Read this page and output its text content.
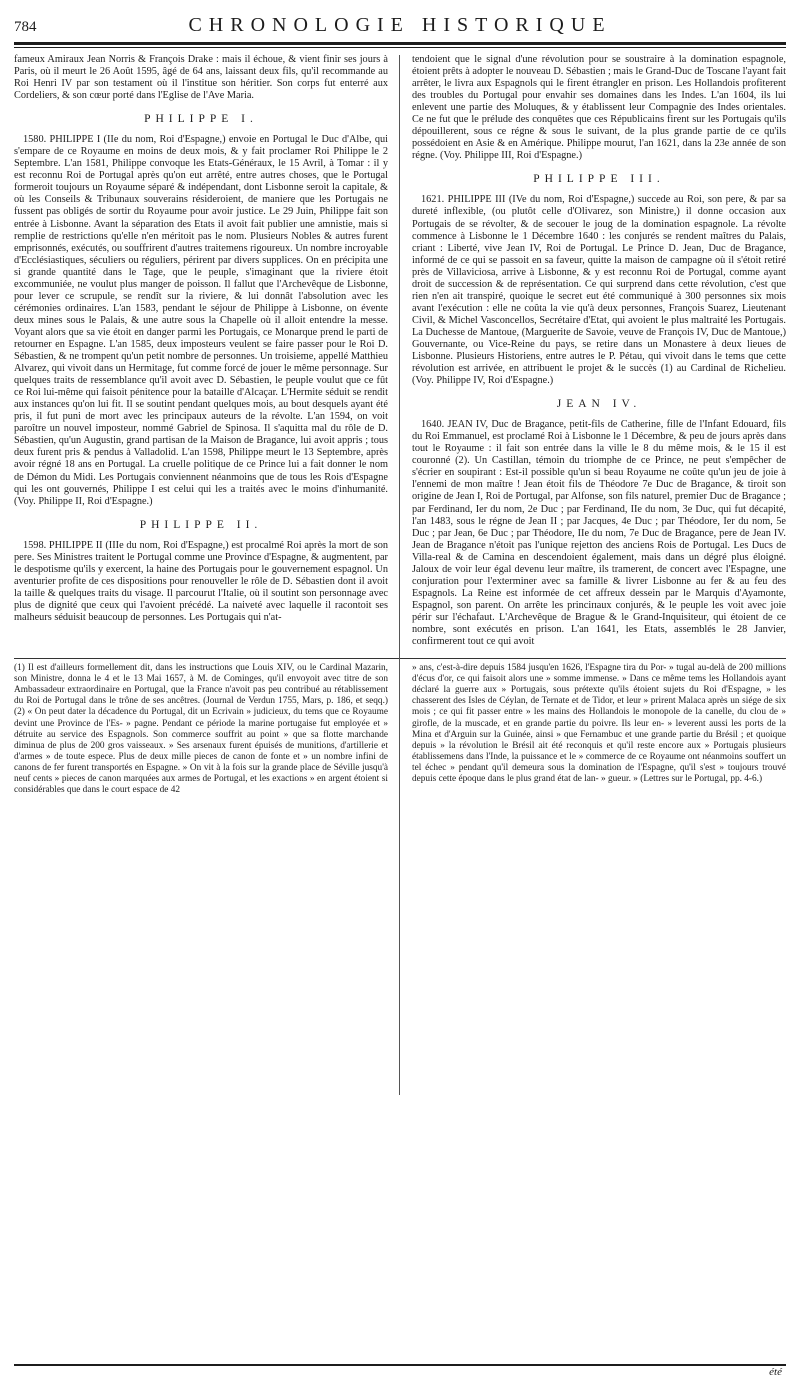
784	CHRONOLOGIE HISTORIQUE

fameux Amiraux Jean Norris & François Drake : mais il échoue, & vient finir ses jours à Paris, où il meurt le 26 Août 1595, âgé de 64 ans, laissant deux fils, qu'il recommande au Roi Henri IV par son testament où il l'institue son héritier. Son corps fut enterré aux Cordeliers, & son cœur porté dans l'Eglise de l'Ave Maria.

PHILIPPE I.

1580. PHILIPPE I (IIe du nom, Roi d'Espagne,) envoie en Portugal le Duc d'Albe, qui s'empare de ce Royaume en moins de deux mois, & y fait proclamer Roi Philippe le 2 Septembre. L'an 1581, Philippe convoque les Etats-Généraux, le 15 Avril, à Tomar : il y est reconnu Roi de Portugal après qu'on eut arrêté, entre autres choses, que le Portugal formeroit toujours un Royaume séparé & indépendant, dont Lisbonne seroit la capitale, & où les Conseils & Tribunaux souverains résideroient, de maniere que les Portugais ne fussent pas obligés de sortir du Royaume pour avoir justice. Le 29 Juin, Philippe fait son entrée à Lisbonne. Avant la séparation des Etats il avoit fait publier une amnistie, mais si remplie de restrictions qu'elle n'en méritoit pas le nom. Plusieurs Nobles & autres furent emprisonnés, exécutés, ou souffrirent d'autres traitemens rigoureux. Un nombre incroyable d'Ecclésiastiques, séculiers ou réguliers, périrent par divers supplices. On en précipita une si grande quantité dans le Tage, que le peuple, s'imaginant que la riviere étoit excommuniée, ne voulut plus manger de poisson. Il fallut que l'Archevêque de Lisbonne, pour lever ce scrupule, se rendît sur la riviere, & lui donnât l'absolution avec les cérémonies ordinaires. L'an 1583, pendant le séjour de Philippe à Lisbonne, on évente deux mines sous le Palais, & une autre sous la Chapelle où il alloit entendre la messe. Voyant alors que sa vie étoit en danger parmi les Portugais, ce Monarque prend le parti de retourner en Espagne. L'an 1585, deux imposteurs veulent se faire passer pour le Roi D. Sébastien, & ne trompent qu'un petit nombre de personnes. Un troisieme, appellé Matthieu Alvarez, qui vivoit dans un Hermitage, fut comme forcé de jouer le même personnage. Sur quelques traits de ressemblance qu'il avoit avec D. Sébastien, le peuple voulut que ce fût ce Roi lui-même qui faisoit pénitence pour la bataille d'Alcaçar. L'Hermite séduit se rendit aux instances qu'on lui fit. Il se soutint pendant quelques mois, au bout desquels ayant été pris, il fut puni de mort avec les principaux auteurs de la révolte. L'an 1594, on voit paroître un nouvel imposteur, nommé Gabriel de Spinosa. Il s'aquitta mal du rôle de D. Sébastien, qu'un Augustin, grand partisan de la Maison de Bragance, lui avoit appris ; tous deux furent pris & pendus à Valladolid. L'an 1598, Philippe meurt le 13 Septembre, après avoir régné 18 ans en Portugal. La cruelle politique de ce Prince lui a fait donner le nom de Démon du Midi. Les Portugais conviennent néanmoins que de tous les Rois d'Espagne qui les ont gouvernés, Philippe I est celui qui les a traités avec le moins d'inhumanité. (Voy. Philippe II, Roi d'Espagne.)

PHILIPPE II.

1598. PHILIPPE II (IIIe du nom, Roi d'Espagne,) est procalmé Roi après la mort de son pere. Ses Ministres traitent le Portugal comme une Province d'Espagne, & augmentent, par le despotisme qu'ils y exercent, la haine des Portugais pour le gouvernement espagnol. Un aventurier profite de ces dispositions pour renouveller le rôle de D. Sébastien dont il avoit la taille & quelques traits du visage. Il parcourut l'Italie, où il soutint son personnage avec plus de dignité que ceux qui l'avoient précédé. La naiveté avec laquelle il racontoit ses malheurs séduisit beaucoup de personnes. Les Portugais qui n'at-

tendoient que le signal d'une révolution pour se soustraire à la domination espagnole, étoient prêts à adopter le nouveau D. Sébastien ; mais le Grand-Duc de Toscane l'ayant fait arrêter, le livra aux Espagnols qui le firent étrangler en prison. Les Hollandois profiterent des troubles du Portugal pour envahir ses domaines dans les Indes. L'an 1604, ils lui enlevent une partie des Moluques, & y établissent leur Compagnie des Indes orientales. Ce ne fut que le prélude des conquêtes que ces Républicains firent sur les Portugais qu'ils dépouillerent, sous ce régne & sous le suivant, de la plus grande partie de ce qu'ils possédoient en Asie & en Amérique. Philippe mourut, l'an 1621, dans la 23e année de son régne. (Voy. Philippe III, Roi d'Espagne.)

PHILIPPE III.

1621. PHILIPPE III (IVe du nom, Roi d'Espagne,) succede au Roi, son pere, & par sa dureté inflexible, (ou plutôt celle d'Olivarez, son Ministre,) il donne occasion aux Portugais de se révolter, & de secouer le joug de la domination espagnole. La révolte commence à Lisbonne le 1 Décembre 1640 : les conjurés se rendent maîtres du Palais, criant : Liberté, vive Jean IV, Roi de Portugal. Le Prince D. Jean, Duc de Bragance, informé de ce qui se passoit en sa faveur, quitte la maison de campagne où il s'étoit retiré près de Villaviciosa, arrive à Lisbonne, & y est reconnu Roi de Portugal, comme ayant droit de succession & de représentation. Ce qui surprend dans cette révolution, c'est que rien n'en ait transpiré, quoique le secret eut été communiqué à 300 personnes six mois avant l'exécution : elle ne coûta la vie qu'à deux personnes, François Suarez, Lieutenant Civil, & Michel Vasconcellos, Secrétaire d'Etat, qui avoient le plus maltraité les Portugais. La Duchesse de Mantoue, (Marguerite de Savoie, veuve de François IV, Duc de Mantoue,) Gouvernante, ou Vice-Reine du pays, se retire dans un Monastere à deux lieues de Lisbonne. Plusieurs Historiens, entre autres le P. Pétau, qui vivoit dans le tems que cette révolution est arrivée, en attribuent le projet & le succès (1) au Cardinal de Richelieu. (Voy. Philippe IV, Roi d'Espagne.)

JEAN IV.

1640. JEAN IV, Duc de Bragance, petit-fils de Catherine, fille de l'Infant Edouard, fils du Roi Emmanuel, est proclamé Roi à Lisbonne le 1 Décembre, & peu de jours après dans tout le Royaume : il fait son entrée dans la ville le 8 du même mois, & le 15 il est couronné (2). Un Castillan, témoin du triomphe de ce Prince, ne peut s'empêcher de s'écrier en soupirant : Est-il possible qu'un si beau Royaume ne coûte qu'un jeu de joie à l'ennemi de mon maître ! Jean étoit fils de Théodore 7e Duc de Bragance, & tiroit son origine de Jean I, Roi de Portugal, par Alfonse, son fils naturel, premier Duc de Bragance ; par Ferdinand, Ier du nom, 2e Duc ; par Ferdinand, IIe du nom, 3e Duc, qui fut décapité, l'an 1483, sous le régne de Jean II ; par Jacques, 4e Duc ; par Théodore, Ier du nom, 5e Duc ; par Jean, 6e Duc ; par Théodore, IIe du nom, 7e Duc de Bragance, pere de Jean IV. Jean de Bragance n'étoit pas l'unique rejetton des anciens Rois de Portugal. Les Ducs de Villa-real & de Camina en descendoient également, mais dans un dégré plus éloigné. Jaloux de voir leur égal devenu leur maître, ils tramerent, de concert avec l'Espagne, une conjuration pour l'exterminer avec sa famille & livrer Lisbonne au fer & au feu des Espagnols. La Reine est informée de cet affreux dessein par le Marquis d'Ayamonte, Espagnol, son parent. On arrête les princiпaux conjurés, & le peuple les voit avec joie périr sur l'échafaut. L'Archevêque de Brague & le Grand-Inquisiteur, qui étoient de ce nombre, sont exécutés en prison. L'an 1641, les Etats, assemblés le 28 Janvier, confirmerent tout ce qui avoit

(1) Il est d'ailleurs formellement dit, dans les instructions que Louis XIV, ou le Cardinal Mazarin, son Ministre, donna le 4 et le 13 Mai 1657, à M. de Cominges, qu'il envoyoit avec titre de son Ambassadeur extraordinaire en Portugal, que la France n'avoit pas peu contribué au rétablissement du Roi de Portugal dans le trône de ses ancêtres. (Journal de Verdun 1755, Mars, p. 186, et seqq.) (2) « On peut dater la décadence du Portugal, dit un Ecrivain » judicieux, du tems que ce Royaume devint une Province de l'Es- » pagne. Pendant ce période la marine portugaise fut employée et » détruite au service des Espagnols. Son commerce souffrit au point » que sa flotte marchande diminua de plus de 200 gros vaisseaux. » Ses arsenaux furent épuisés de munitions, d'artillerie et d'armes » de toute espece. Plus de deux mille pieces de canon de fonte et » un nombre infini de canons de fer furent transportés en Espagne. » On vit à la fois sur la grande place de Séville jusqu'à neuf cents » pieces de canon marquées aux armes de Portugal, et les exactions » en argent étoient si considérables que dans le court espace de 42

» ans, c'est-à-dire depuis 1584 jusqu'en 1626, l'Espagne tira du Por- » tugal au-delà de 200 millions d'écus d'or, ce qui faisoit alors une » somme immense. » Dans ce même tems les Hollandois ayant déclaré la guerre aux » Portugais, sous prétexte qu'ils étoient sujets du Roi d'Espagne, » les chasserent des Isles de Céylan, de Ternate et de Tidor, et leur » prirent Malaca après un siége de six mois ; ce qui fit passer entre » les mains des Hollandois le monopole de la canelle, du clou de » girofle, de la muscade, et en grande partie du poivre. Ils leur en- » leverent aussi les ports de la Mina et d'Arguin sur la Guinée, ainsi » que Fernambuc et une grande partie du Brésil ; et quoique depuis » la révolution le Brésil ait été reconquis et qu'il reste encore aux » Portugais plusieurs établissemens dans l'Inde, la puissance et le » commerce de ce Royaume ont néanmoins souffert un tel échec » pendant qu'il demeura sous la domination de l'Espagne, qu'il s'est » toujours trouvé depuis cette époque dans le plus grand état de lan- » gueur. » (Lettres sur le Portugal, pp. 4-6.)

été
